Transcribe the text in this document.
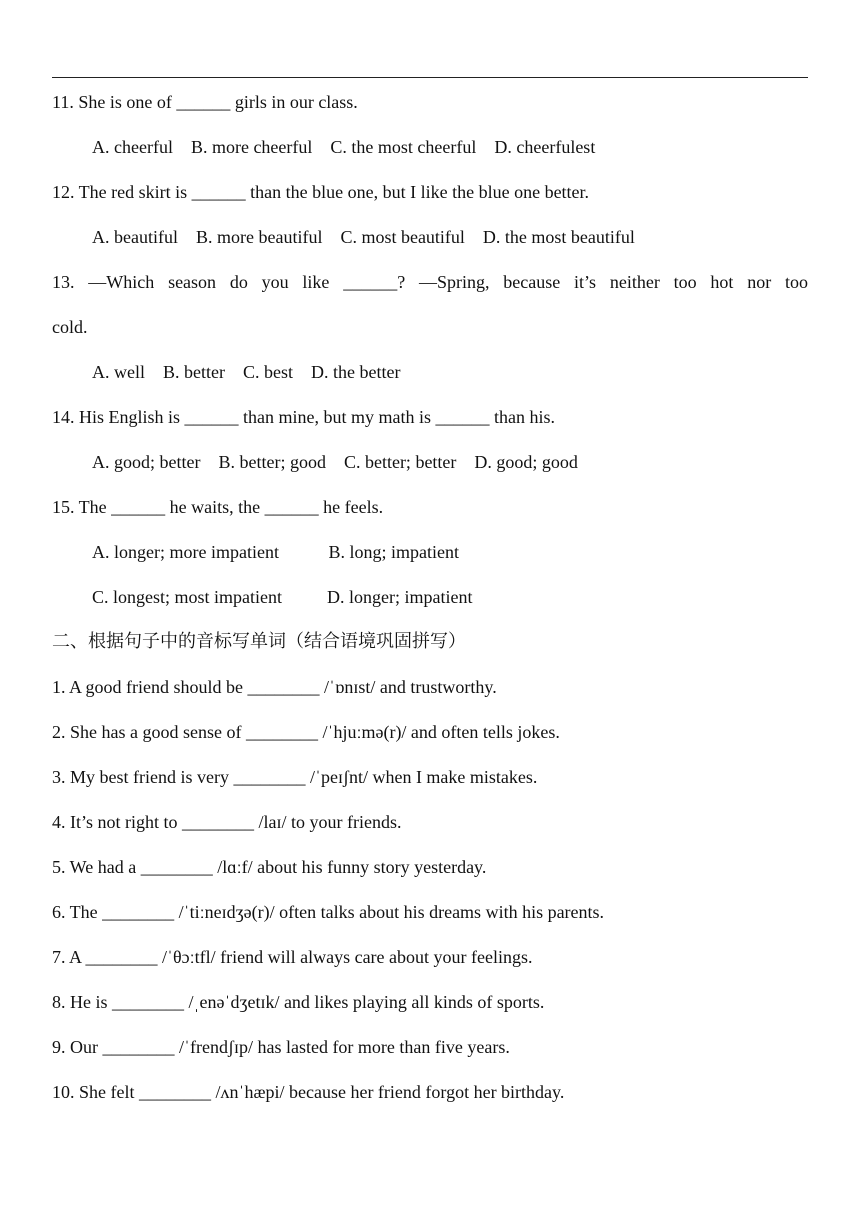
11. She is one of ______ girls in our class.
A. cheerful    B. more cheerful    C. the most cheerful    D. cheerfulest
12. The red skirt is ______ than the blue one, but I like the blue one better.
A. beautiful    B. more beautiful    C. most beautiful    D. the most beautiful
13. —Which season do you like ______? —Spring, because it’s neither too hot nor too
cold.
A. well    B. better    C. best    D. the better
14. His English is ______ than mine, but my math is ______ than his.
A. good; better    B. better; good    C. better; better    D. good; good
15. The ______ he waits, the ______ he feels.
A. longer; more impatient           B. long; impatient
C. longest; most impatient          D. longer; impatient
二、根据句子中的音标写单词（结合语境巩固拼写）
1. A good friend should be ________ /ˈɒnɪst/ and trustworthy.
2. She has a good sense of ________ /ˈhjuːmə(r)/ and often tells jokes.
3. My best friend is very ________ /ˈpeɪʃnt/ when I make mistakes.
4. It’s not right to ________ /laɪ/ to your friends.
5. We had a ________ /lɑːf/ about his funny story yesterday.
6. The ________ /ˈtiːneɪdʒə(r)/ often talks about his dreams with his parents.
7. A ________ /ˈθɔːtfl/ friend will always care about your feelings.
8. He is ________ /ˌenəˈdʒetɪk/ and likes playing all kinds of sports.
9. Our ________ /ˈfrendʃɪp/ has lasted for more than five years.
10. She felt ________ /ʌnˈhæpi/ because her friend forgot her birthday.
